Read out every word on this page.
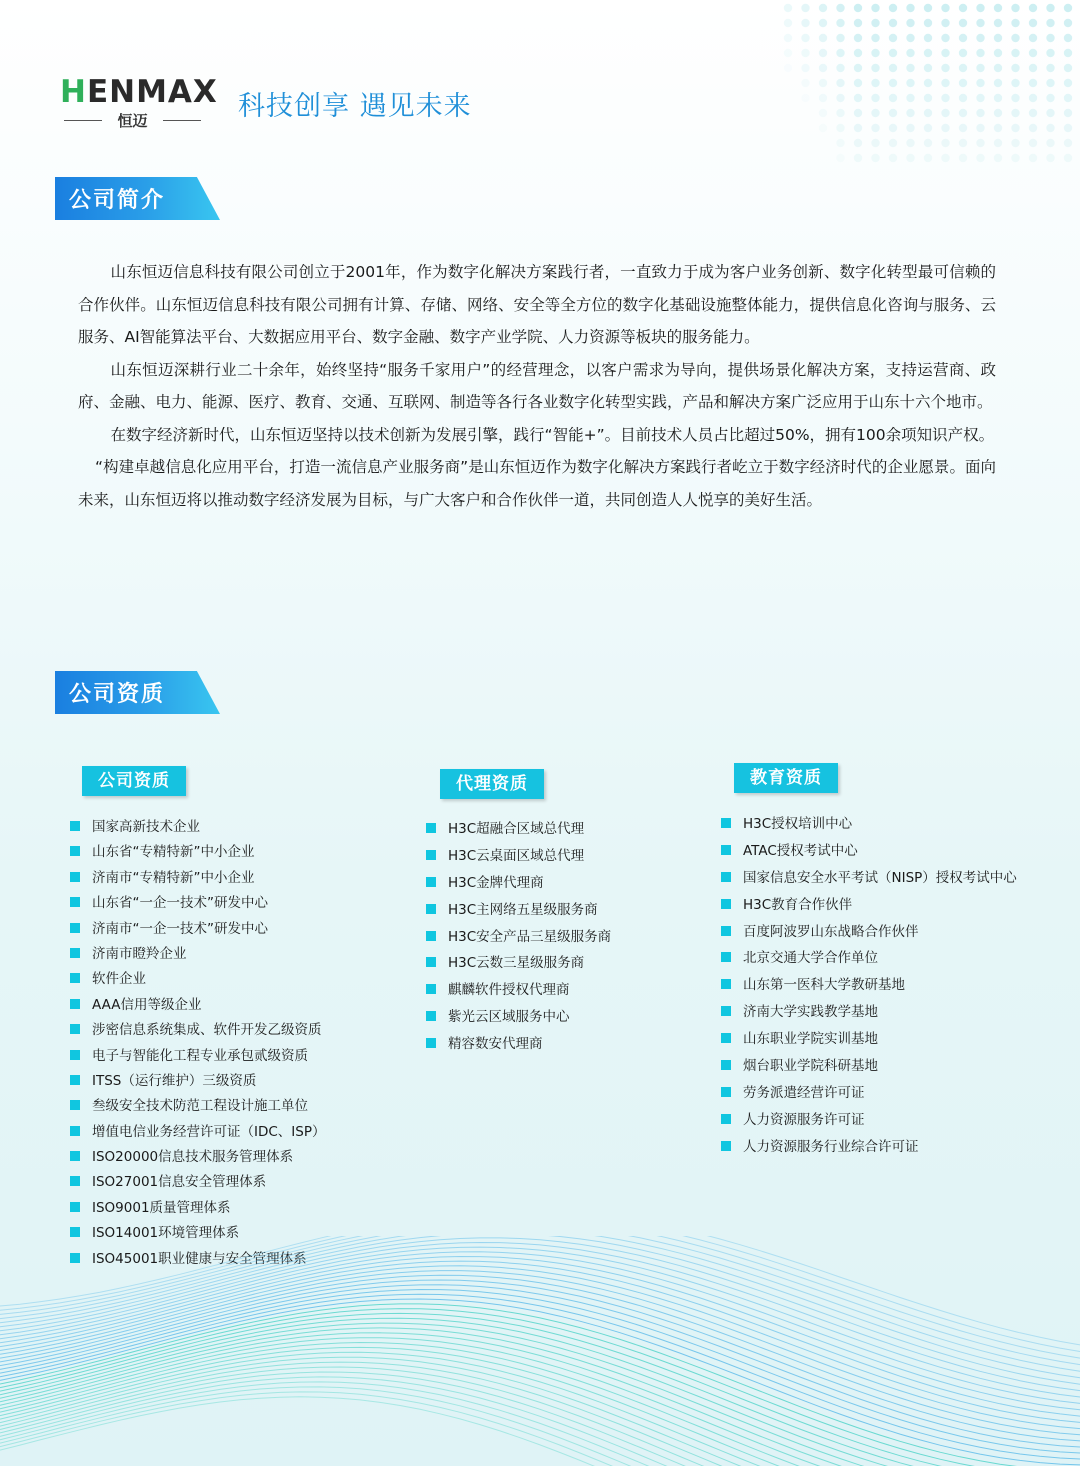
HENMAX
恒迈	科技创享 遇见未来
公司简介

山东恒迈信息科技有限公司创立于2001年，作为数字化解决方案践行者，一直致力于成为客户业务创新、数字化转型最可信赖的合作伙伴。山东恒迈信息科技有限公司拥有计算、存储、网络、安全等全方位的数字化基础设施整体能力，提供信息化咨询与服务、云服务、AI智能算法平台、大数据应用平台、数字金融、数字产业学院、人力资源等板块的服务能力。

山东恒迈深耕行业二十余年，始终坚持“服务千家用户”的经营理念，以客户需求为导向，提供场景化解决方案，支持运营商、政府、金融、电力、能源、医疗、教育、交通、互联网、制造等各行各业数字化转型实践，产品和解决方案广泛应用于山东十六个地市。

在数字经济新时代，山东恒迈坚持以技术创新为发展引擎，践行“智能+”。目前技术人员占比超过50%，拥有100余项知识产权。

“构建卓越信息化应用平台，打造一流信息产业服务商”是山东恒迈作为数字化解决方案践行者屹立于数字经济时代的企业愿景。面向未来，山东恒迈将以推动数字经济发展为目标，与广大客户和合作伙伴一道，共同创造人人悦享的美好生活。

公司资质
公司资质	代理资质	教育资质
国家高新技术企业
山东省“专精特新”中小企业
济南市“专精特新”中小企业
山东省“一企一技术”研发中心
济南市“一企一技术”研发中心
济南市瞪羚企业
软件企业
AAA信用等级企业
涉密信息系统集成、软件开发乙级资质
电子与智能化工程专业承包贰级资质
ITSS（运行维护）三级资质
叁级安全技术防范工程设计施工单位
增值电信业务经营许可证（IDC、ISP）
ISO20000信息技术服务管理体系
ISO27001信息安全管理体系
ISO9001质量管理体系
ISO14001环境管理体系
ISO45001职业健康与安全管理体系
H3C超融合区域总代理
H3C云桌面区域总代理
H3C金牌代理商
H3C主网络五星级服务商
H3C安全产品三星级服务商
H3C云数三星级服务商
麒麟软件授权代理商
紫光云区域服务中心
精容数安代理商
H3C授权培训中心
ATAC授权考试中心
国家信息安全水平考试（NISP）授权考试中心
H3C教育合作伙伴
百度阿波罗山东战略合作伙伴
北京交通大学合作单位
山东第一医科大学教研基地
济南大学实践教学基地
山东职业学院实训基地
烟台职业学院科研基地
劳务派遣经营许可证
人力资源服务许可证
人力资源服务行业综合许可证
